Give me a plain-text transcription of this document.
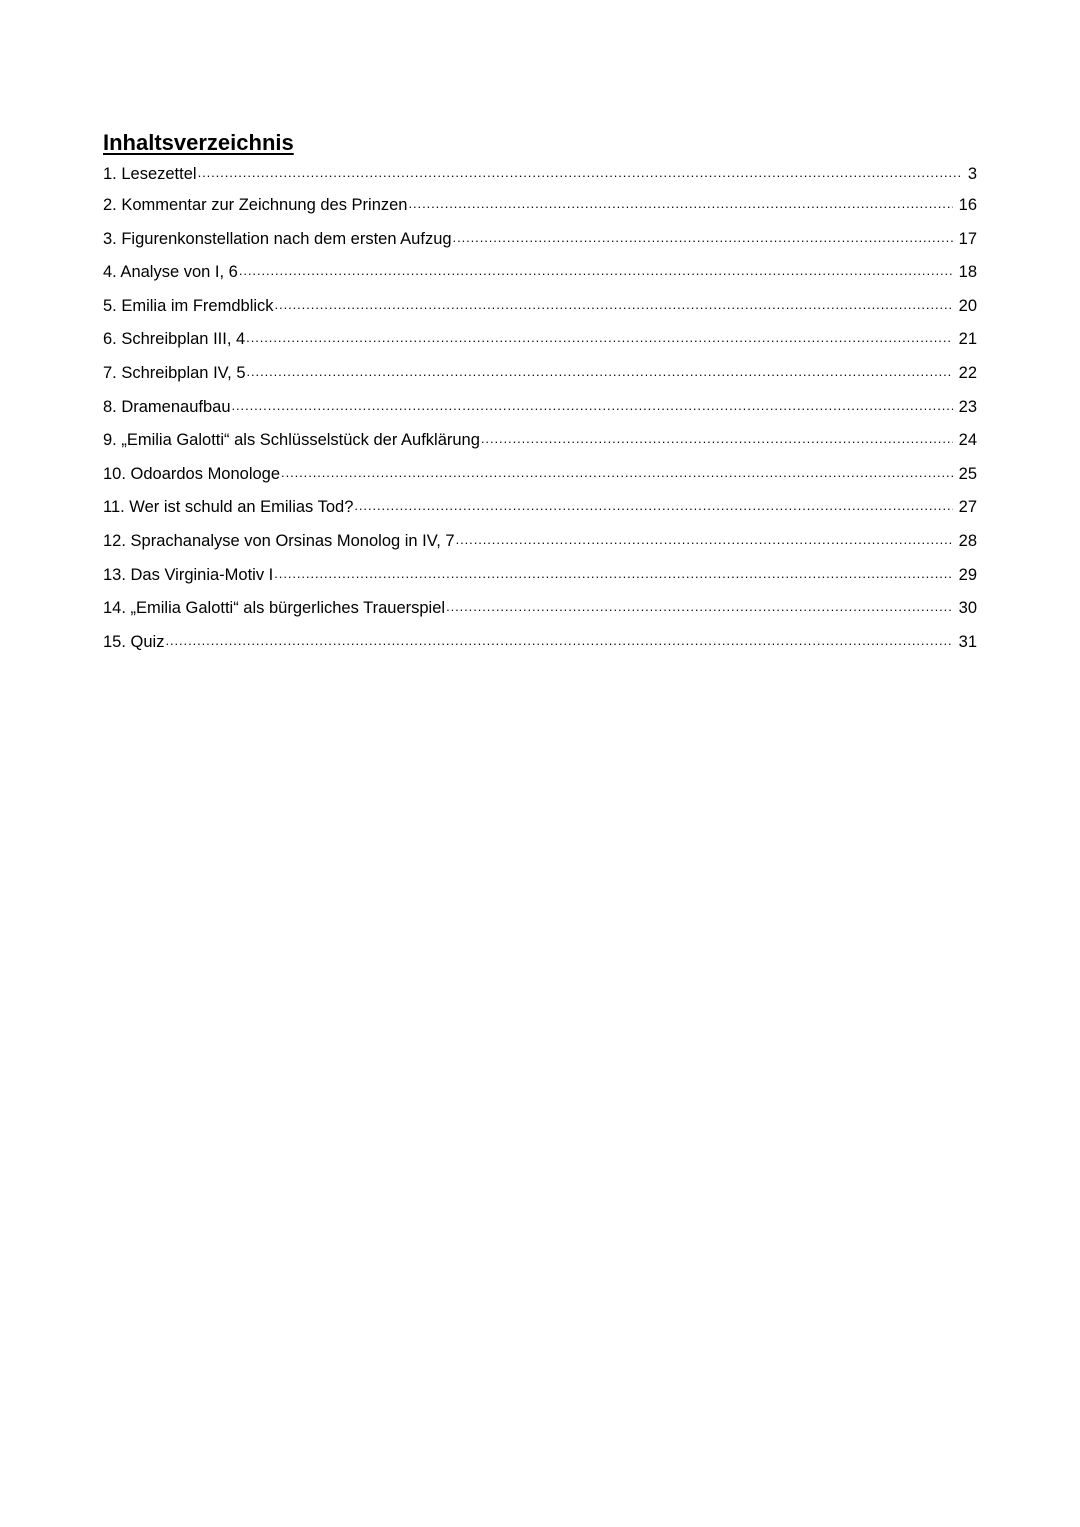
Inhaltsverzeichnis
1. Lesezettel . . .	3
2. Kommentar zur Zeichnung des Prinzen . . .	16
3. Figurenkonstellation nach dem ersten Aufzug . . .	17
4. Analyse von I, 6 . . .	18
5. Emilia im Fremdblick . . .	20
6. Schreibplan III, 4 . . .	21
7. Schreibplan IV, 5 . . .	22
8. Dramenaufbau . . .	23
9. „Emilia Galotti“ als Schlüsselstück der Aufklärung . . .	24
10. Odoardos Monologe . . .	25
11. Wer ist schuld an Emilias Tod? . . .	27
12. Sprachanalyse von Orsinas Monolog in IV, 7 . . .	28
13. Das Virginia-Motiv I . . .	29
14. „Emilia Galotti“ als bürgerliches Trauerspiel . . .	30
15. Quiz . . .	31
